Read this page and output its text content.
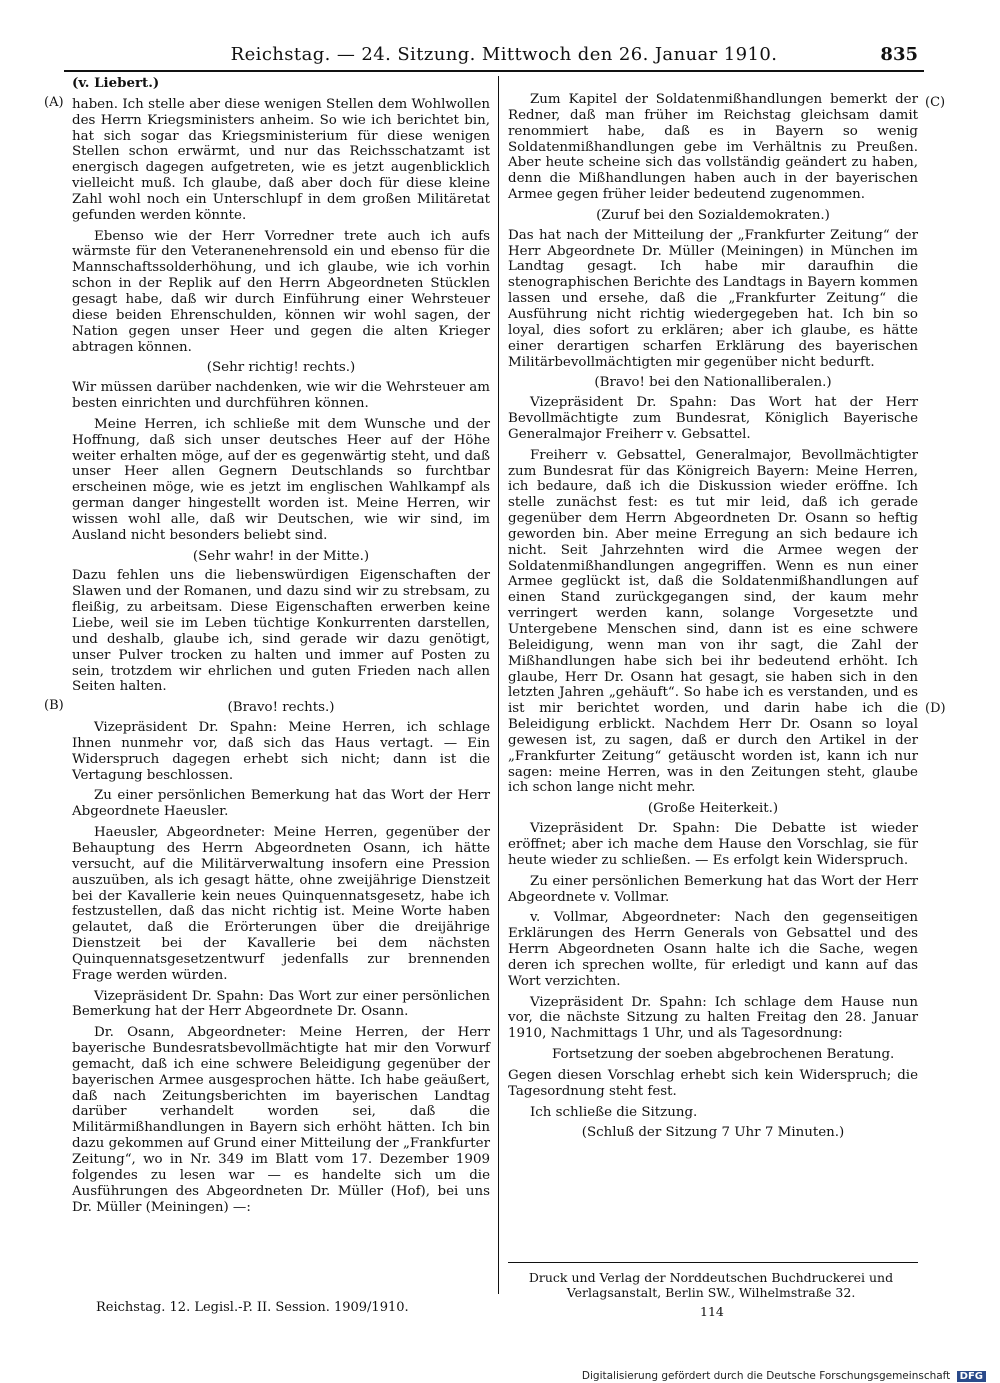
Reichstag. — 24. Sitzung. Mittwoch den 26. Januar 1910.	835
(A)
(B)
(C)
(D)

(v. Liebert.)

haben. Ich stelle aber diese wenigen Stellen dem Wohlwollen des Herrn Kriegsministers anheim. So wie ich berichtet bin, hat sich sogar das Kriegsministerium für diese wenigen Stellen schon erwärmt, und nur das Reichsschatzamt ist energisch dagegen aufgetreten, wie es jetzt augenblicklich vielleicht muß. Ich glaube, daß aber doch für diese kleine Zahl wohl noch ein Unterschlupf in dem großen Militäretat gefunden werden könnte.

Ebenso wie der Herr Vorredner trete auch ich aufs wärmste für den Veteranenehrensold ein und ebenso für die Mannschaftssolderhöhung, und ich glaube, wie ich vorhin schon in der Replik auf den Herrn Abgeordneten Stücklen gesagt habe, daß wir durch Einführung einer Wehrsteuer diese beiden Ehrenschulden, können wir wohl sagen, der Nation gegen unser Heer und gegen die alten Krieger abtragen können.

(Sehr richtig! rechts.)

Wir müssen darüber nachdenken, wie wir die Wehrsteuer am besten einrichten und durchführen können.

Meine Herren, ich schließe mit dem Wunsche und der Hoffnung, daß sich unser deutsches Heer auf der Höhe weiter erhalten möge, auf der es gegenwärtig steht, und daß unser Heer allen Gegnern Deutschlands so furchtbar erscheinen möge, wie es jetzt im englischen Wahlkampf als german danger hingestellt worden ist. Meine Herren, wir wissen wohl alle, daß wir Deutschen, wie wir sind, im Ausland nicht besonders beliebt sind.

(Sehr wahr! in der Mitte.)

Dazu fehlen uns die liebenswürdigen Eigenschaften der Slawen und der Romanen, und dazu sind wir zu strebsam, zu fleißig, zu arbeitsam. Diese Eigenschaften erwerben keine Liebe, weil sie im Leben tüchtige Konkurrenten darstellen, und deshalb, glaube ich, sind gerade wir dazu genötigt, unser Pulver trocken zu halten und immer auf Posten zu sein, trotzdem wir ehrlichen und guten Frieden nach allen Seiten halten.

(Bravo! rechts.)

Vizepräsident Dr. Spahn: Meine Herren, ich schlage Ihnen nunmehr vor, daß sich das Haus vertagt. — Ein Widerspruch dagegen erhebt sich nicht; dann ist die Vertagung beschlossen.

Zu einer persönlichen Bemerkung hat das Wort der Herr Abgeordnete Haeusler.

Haeusler, Abgeordneter: Meine Herren, gegenüber der Behauptung des Herrn Abgeordneten Osann, ich hätte versucht, auf die Militärverwaltung insofern eine Pression auszuüben, als ich gesagt hätte, ohne zweijährige Dienstzeit bei der Kavallerie kein neues Quinquennatsgesetz, habe ich festzustellen, daß das nicht richtig ist. Meine Worte haben gelautet, daß die Erörterungen über die dreijährige Dienstzeit bei der Kavallerie bei dem nächsten Quinquennatsgesetzentwurf jedenfalls zur brennenden Frage werden würden.

Vizepräsident Dr. Spahn: Das Wort zur einer persönlichen Bemerkung hat der Herr Abgeordnete Dr. Osann.

Dr. Osann, Abgeordneter: Meine Herren, der Herr bayerische Bundesratsbevollmächtigte hat mir den Vorwurf gemacht, daß ich eine schwere Beleidigung gegenüber der bayerischen Armee ausgesprochen hätte. Ich habe geäußert, daß nach Zeitungsberichten im bayerischen Landtag darüber verhandelt worden sei, daß die Militärmißhandlungen in Bayern sich erhöht hätten. Ich bin dazu gekommen auf Grund einer Mitteilung der „Frankfurter Zeitung“, wo in Nr. 349 im Blatt vom 17. Dezember 1909 folgendes zu lesen war — es handelte sich um die Ausführungen des Abgeordneten Dr. Müller (Hof), bei uns Dr. Müller (Meiningen) —:

Zum Kapitel der Soldatenmißhandlungen bemerkt der Redner, daß man früher im Reichstag gleichsam damit renommiert habe, daß es in Bayern so wenig Soldatenmißhandlungen gebe im Verhältnis zu Preußen. Aber heute scheine sich das vollständig geändert zu haben, denn die Mißhandlungen haben auch in der bayerischen Armee gegen früher leider bedeutend zugenommen.

(Zuruf bei den Sozialdemokraten.)

Das hat nach der Mitteilung der „Frankfurter Zeitung“ der Herr Abgeordnete Dr. Müller (Meiningen) in München im Landtag gesagt. Ich habe mir daraufhin die stenographischen Berichte des Landtags in Bayern kommen lassen und ersehe, daß die „Frankfurter Zeitung“ die Ausführung nicht richtig wiedergegeben hat. Ich bin so loyal, dies sofort zu erklären; aber ich glaube, es hätte einer derartigen scharfen Erklärung des bayerischen Militärbevollmächtigten mir gegenüber nicht bedurft.

(Bravo! bei den Nationalliberalen.)

Vizepräsident Dr. Spahn: Das Wort hat der Herr Bevollmächtigte zum Bundesrat, Königlich Bayerische Generalmajor Freiherr v. Gebsattel.

Freiherr v. Gebsattel, Generalmajor, Bevollmächtigter zum Bundesrat für das Königreich Bayern: Meine Herren, ich bedaure, daß ich die Diskussion wieder eröffne. Ich stelle zunächst fest: es tut mir leid, daß ich gerade gegenüber dem Herrn Abgeordneten Dr. Osann so heftig geworden bin. Aber meine Erregung an sich bedaure ich nicht. Seit Jahrzehnten wird die Armee wegen der Soldatenmißhandlungen angegriffen. Wenn es nun einer Armee geglückt ist, daß die Soldatenmißhandlungen auf einen Stand zurückgegangen sind, der kaum mehr verringert werden kann, solange Vorgesetzte und Untergebene Menschen sind, dann ist es eine schwere Beleidigung, wenn man von ihr sagt, die Zahl der Mißhandlungen habe sich bei ihr bedeutend erhöht. Ich glaube, Herr Dr. Osann hat gesagt, sie haben sich in den letzten Jahren „gehäuft“. So habe ich es verstanden, und es ist mir berichtet worden, und darin habe ich die Beleidigung erblickt. Nachdem Herr Dr. Osann so loyal gewesen ist, zu sagen, daß er durch den Artikel in der „Frankfurter Zeitung“ getäuscht worden ist, kann ich nur sagen: meine Herren, was in den Zeitungen steht, glaube ich schon lange nicht mehr.

(Große Heiterkeit.)

Vizepräsident Dr. Spahn: Die Debatte ist wieder eröffnet; aber ich mache dem Hause den Vorschlag, sie für heute wieder zu schließen. — Es erfolgt kein Widerspruch.

Zu einer persönlichen Bemerkung hat das Wort der Herr Abgeordnete v. Vollmar.

v. Vollmar, Abgeordneter: Nach den gegenseitigen Erklärungen des Herrn Generals von Gebsattel und des Herrn Abgeordneten Osann halte ich die Sache, wegen deren ich sprechen wollte, für erledigt und kann auf das Wort verzichten.

Vizepräsident Dr. Spahn: Ich schlage dem Hause nun vor, die nächste Sitzung zu halten Freitag den 28. Januar 1910, Nachmittags 1 Uhr, und als Tagesordnung:

Fortsetzung der soeben abgebrochenen Beratung.

Gegen diesen Vorschlag erhebt sich kein Widerspruch; die Tagesordnung steht fest.

Ich schließe die Sitzung.

(Schluß der Sitzung 7 Uhr 7 Minuten.)

Druck und Verlag der Norddeutschen Buchdruckerei und Verlagsanstalt, Berlin SW., Wilhelmstraße 32.
114
Reichstag. 12. Legisl.-P. II. Session. 1909/1910.
Digitalisierung gefördert durch die Deutsche Forschungsgemeinschaft DFG
